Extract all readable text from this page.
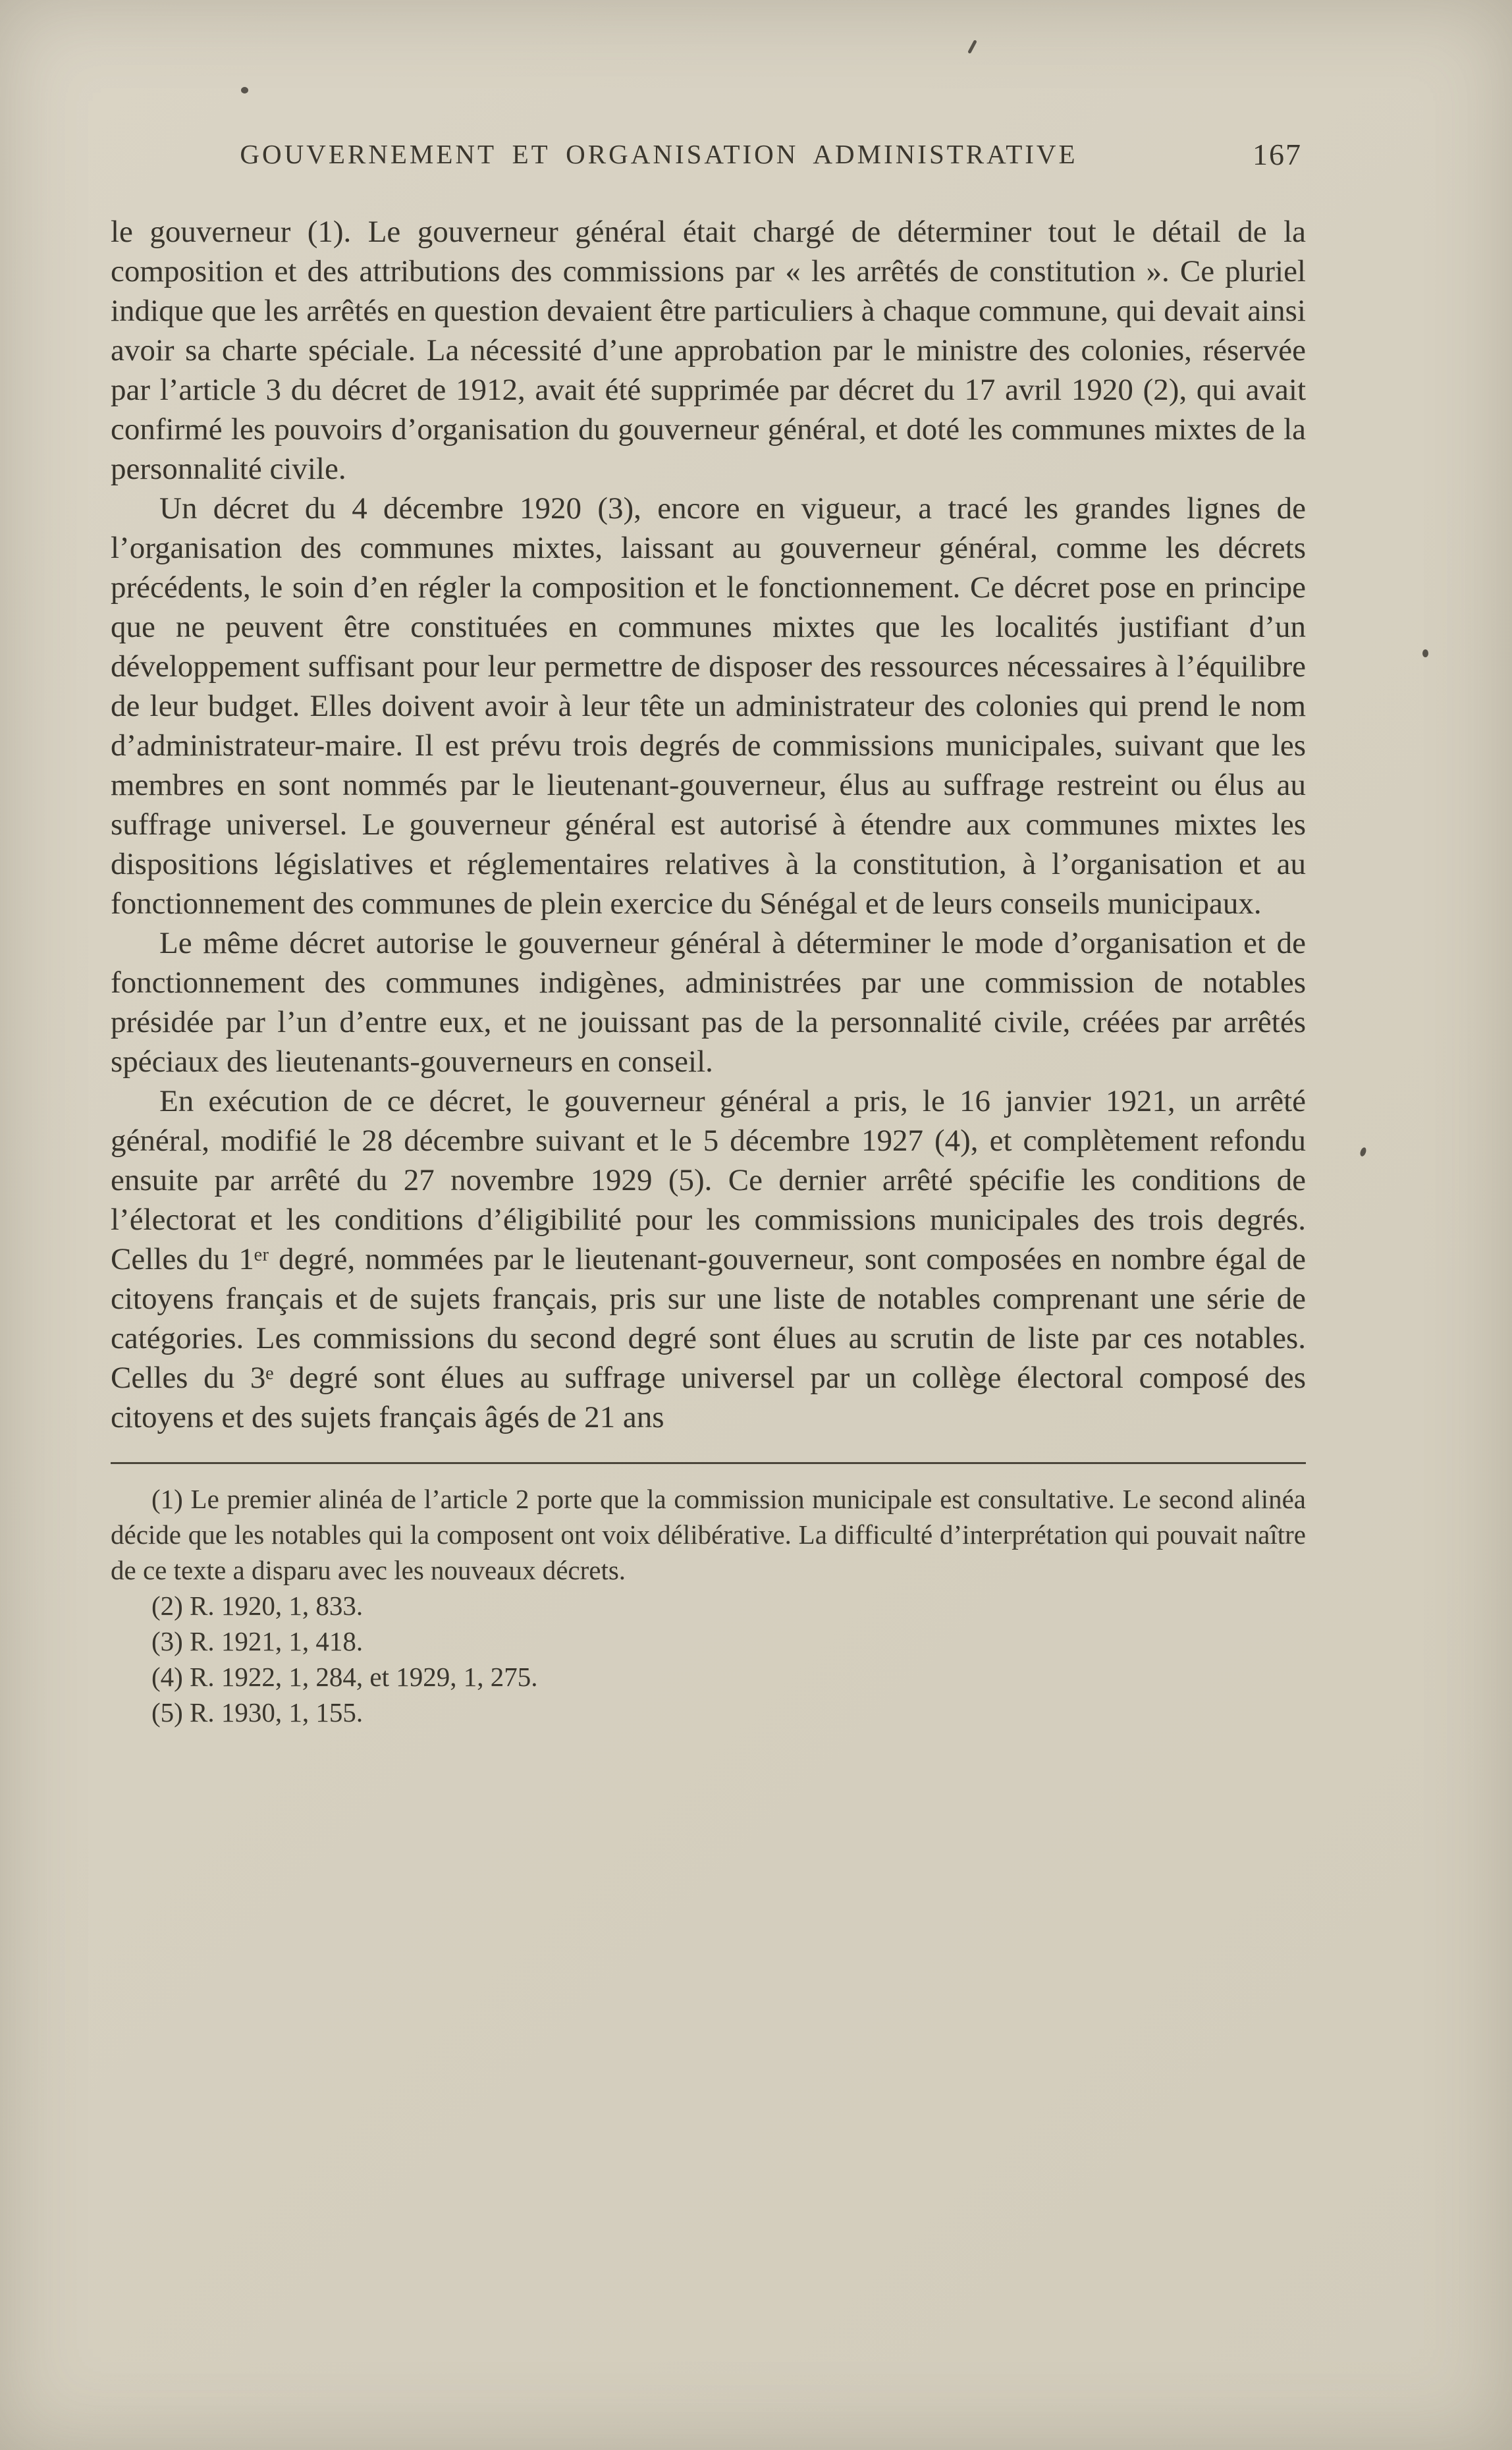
GOUVERNEMENT ET ORGANISATION ADMINISTRATIVE	167

le gouverneur (1). Le gouverneur général était chargé de déterminer tout le détail de la composition et des attributions des commissions par « les arrêtés de constitution ». Ce pluriel indique que les arrêtés en question devaient être particuliers à chaque commune, qui devait ainsi avoir sa charte spéciale. La nécessité d’une approbation par le ministre des colonies, réservée par l’article 3 du décret de 1912, avait été supprimée par décret du 17 avril 1920 (2), qui avait confirmé les pouvoirs d’organisation du gouverneur général, et doté les communes mixtes de la personnalité civile.

Un décret du 4 décembre 1920 (3), encore en vigueur, a tracé les grandes lignes de l’organisation des communes mixtes, laissant au gouverneur général, comme les décrets précédents, le soin d’en régler la composition et le fonctionnement. Ce décret pose en principe que ne peuvent être constituées en communes mixtes que les localités justifiant d’un développement suffisant pour leur permettre de disposer des ressources nécessaires à l’équilibre de leur budget. Elles doivent avoir à leur tête un administrateur des colonies qui prend le nom d’administrateur-maire. Il est prévu trois degrés de commissions municipales, suivant que les membres en sont nommés par le lieutenant-gouverneur, élus au suffrage restreint ou élus au suffrage universel. Le gouverneur général est autorisé à étendre aux communes mixtes les dispositions législatives et réglementaires relatives à la constitution, à l’organisation et au fonctionnement des communes de plein exercice du Sénégal et de leurs conseils municipaux.

Le même décret autorise le gouverneur général à déterminer le mode d’organisation et de fonctionnement des communes indigènes, administrées par une commission de notables présidée par l’un d’entre eux, et ne jouissant pas de la personnalité civile, créées par arrêtés spéciaux des lieutenants-gouverneurs en conseil.

En exécution de ce décret, le gouverneur général a pris, le 16 janvier 1921, un arrêté général, modifié le 28 décembre suivant et le 5 décembre 1927 (4), et complètement refondu ensuite par arrêté du 27 novembre 1929 (5). Ce dernier arrêté spécifie les conditions de l’électorat et les conditions d’éligibilité pour les commissions municipales des trois degrés. Celles du 1ᵉʳ degré, nommées par le lieutenant-gouverneur, sont composées en nombre égal de citoyens français et de sujets français, pris sur une liste de notables comprenant une série de catégories. Les commissions du second degré sont élues au scrutin de liste par ces notables. Celles du 3ᵉ degré sont élues au suffrage universel par un collège électoral composé des citoyens et des sujets français âgés de 21 ans

(1) Le premier alinéa de l’article 2 porte que la commission municipale est consultative. Le second alinéa décide que les notables qui la composent ont voix délibérative. La difficulté d’interprétation qui pouvait naître de ce texte a disparu avec les nouveaux décrets.

(2) R. 1920, 1, 833.

(3) R. 1921, 1, 418.

(4) R. 1922, 1, 284, et 1929, 1, 275.

(5) R. 1930, 1, 155.
